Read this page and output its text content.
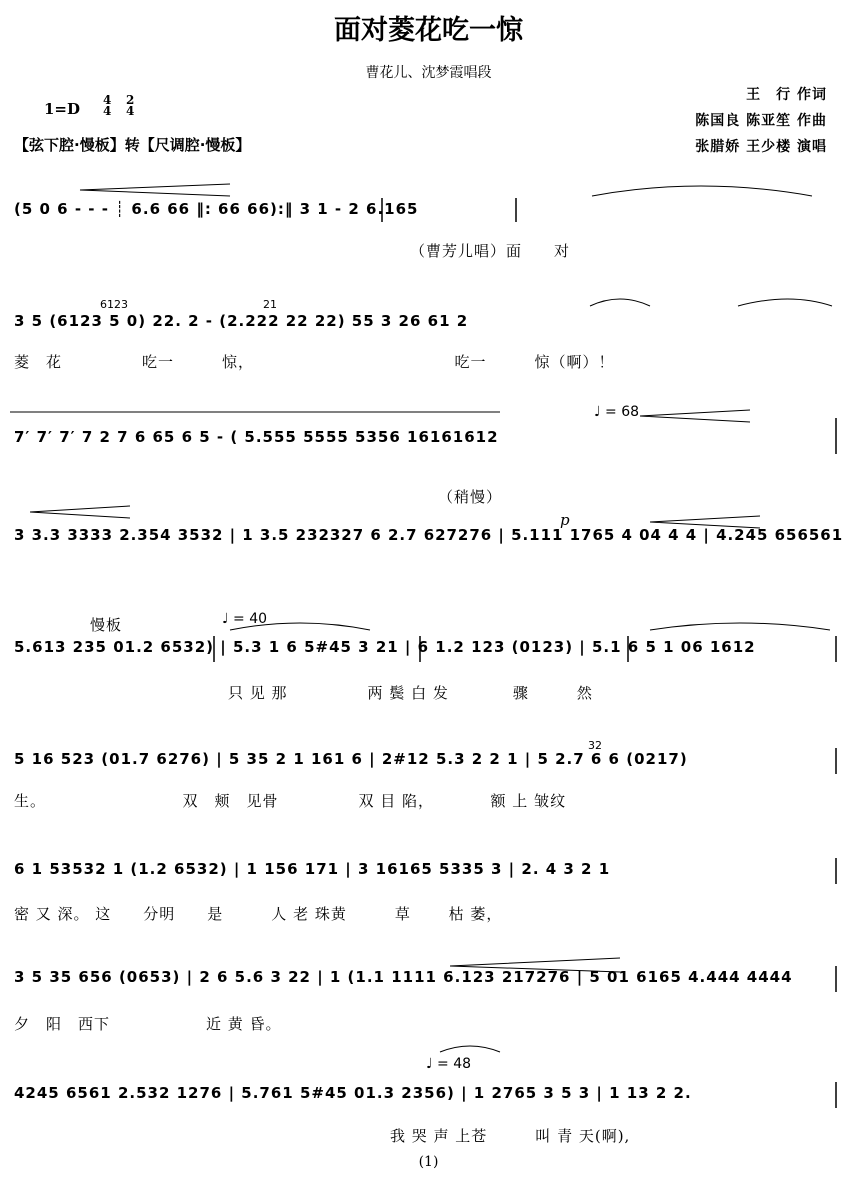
面对菱花吃一惊
曹花儿、沈梦霞唱段
1=D 4
4
2
4
【弦下腔·慢板】转【尺调腔·慢板】
王　行 作词
陈国良 陈亚笙 作曲
张腊娇 王少楼 演唱
(5 0 6 - - - ┊ 6.6 66 ‖: 66 66):‖ 3 1 - 2 6.165
（曹芳儿唱）面　　对
3 5 (6123 5 0) 22. 2 - (2.222 22 22) 55 3 26 61 2
菱　花　　　　　吃一　　　惊，　　　　　　　　　　　　　吃一　　　惊（啊）！
7′ 7′ 7′ 7 2 7 6 65 6 5 - ( 5.555 5555 5356 16161612
3 3.3 3333 2.354 3532 | 1 3.5 232327 6 2.7 627276 | 5.111 1765 4 04 4 4 | 4.245 656561
5.613 235 01.2 6532) | 5.3 1 6 5#45 3 21 | 6 1.2 123 (0123) | 5.1 6 5 1 06 1612
只 见 那　　　　　两 鬓 白 发　　　　骤　　　然
5 16 523 (01.7 6276) | 5 35 2 1 161 6 | 2#12 5.3 2 2 1 | 5 2.7 6 6 (0217)
生。　　　　　　　　　双　颊　见骨　　　　　双 目 陷，　　　　额 上 皱纹
6 1 53532 1 (1.2 6532) | 1 156 171 | 3 16165 5335 3 | 2. 4 3 2 1
密 又 深。 这　　分明　　是　　　人 老 珠黄　　　草　　 枯 萎，
3 5 35 656 (0653) | 2 6 5.6 3 22 | 1 (1.1 1111 6.123 217276 | 5 01 6165 4.444 4444
夕　阳　西下　　　　　　近 黄 昏。
4245 6561 2.532 1276 | 5.761 5#45 01.3 2356) | 1 2765 3 5 3 | 1 13 2 2.
我 哭 声 上苍　　　叫 青 天(啊),
♩ = 68
♩ = 40
♩ = 48
（稍慢）
p
慢板
6123	21
32
(1)
